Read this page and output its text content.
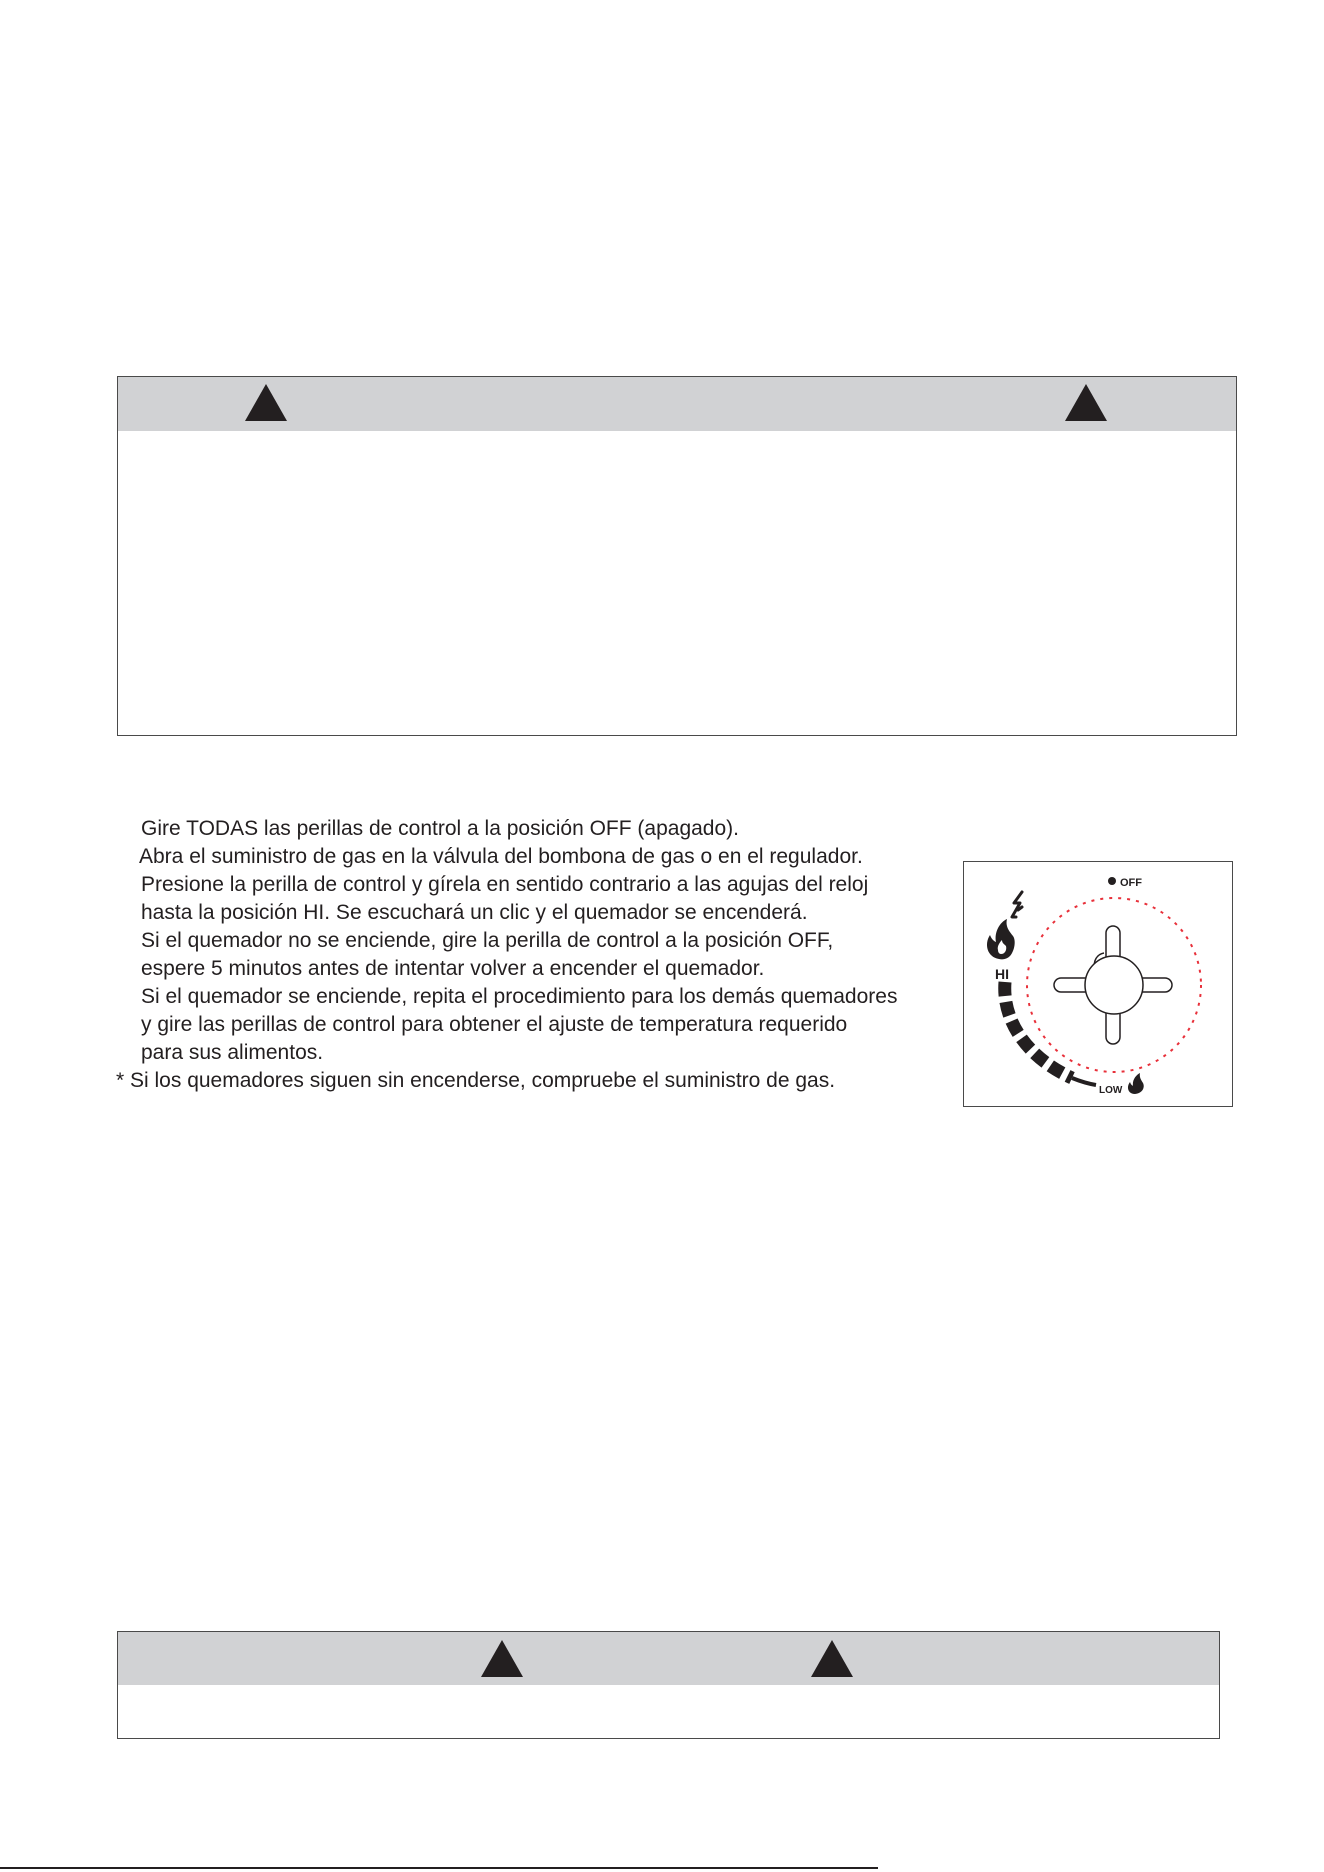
Gire TODAS las perillas de control a la posición OFF (apagado).
Abra el suministro de gas en la válvula del bombona de gas o en el regulador.
Presione la perilla de control y gírela en sentido contrario a las agujas del reloj
hasta la posición HI. Se escuchará un clic y el quemador se encenderá.
Si el quemador no se enciende, gire la perilla de control a la posición OFF,
espere 5 minutos antes de intentar volver a encender el quemador.
Si el quemador se enciende, repita el procedimiento para los demás quemadores
y gire las perillas de control para obtener el ajuste de temperatura requerido
para sus alimentos.
* Si los quemadores siguen sin encenderse, compruebe el suministro de gas.
OFF
HI
LOW
